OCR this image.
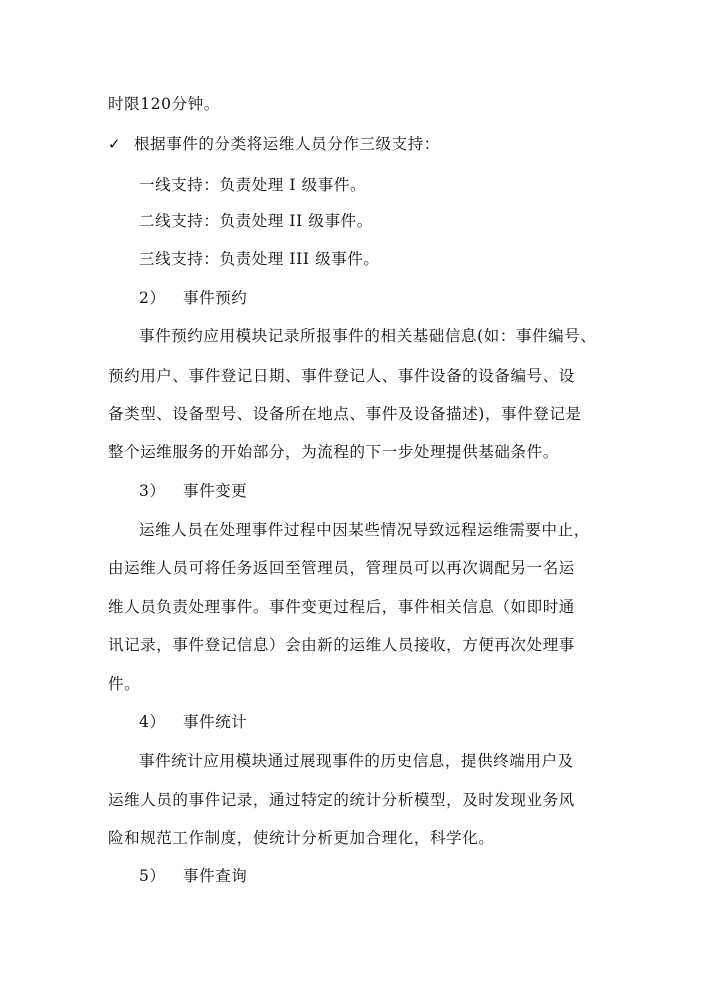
时限120分钟。
✓ 根据事件的分类将运维人员分作三级支持：
一线支持：负责处理 I 级事件。
二线支持：负责处理 II 级事件。
三线支持：负责处理 III 级事件。
2） 事件预约
事件预约应用模块记录所报事件的相关基础信息(如：事件编号、
预约用户、事件登记日期、事件登记人、事件设备的设备编号、设
备类型、设备型号、设备所在地点、事件及设备描述)，事件登记是
整个运维服务的开始部分，为流程的下一步处理提供基础条件。
3） 事件变更
运维人员在处理事件过程中因某些情况导致远程运维需要中止，
由运维人员可将任务返回至管理员，管理员可以再次调配另一名运
维人员负责处理事件。事件变更过程后，事件相关信息（如即时通
讯记录，事件登记信息）会由新的运维人员接收，方便再次处理事
件。
4） 事件统计
事件统计应用模块通过展现事件的历史信息，提供终端用户及
运维人员的事件记录，通过特定的统计分析模型，及时发现业务风
险和规范工作制度，使统计分析更加合理化，科学化。
5） 事件查询
